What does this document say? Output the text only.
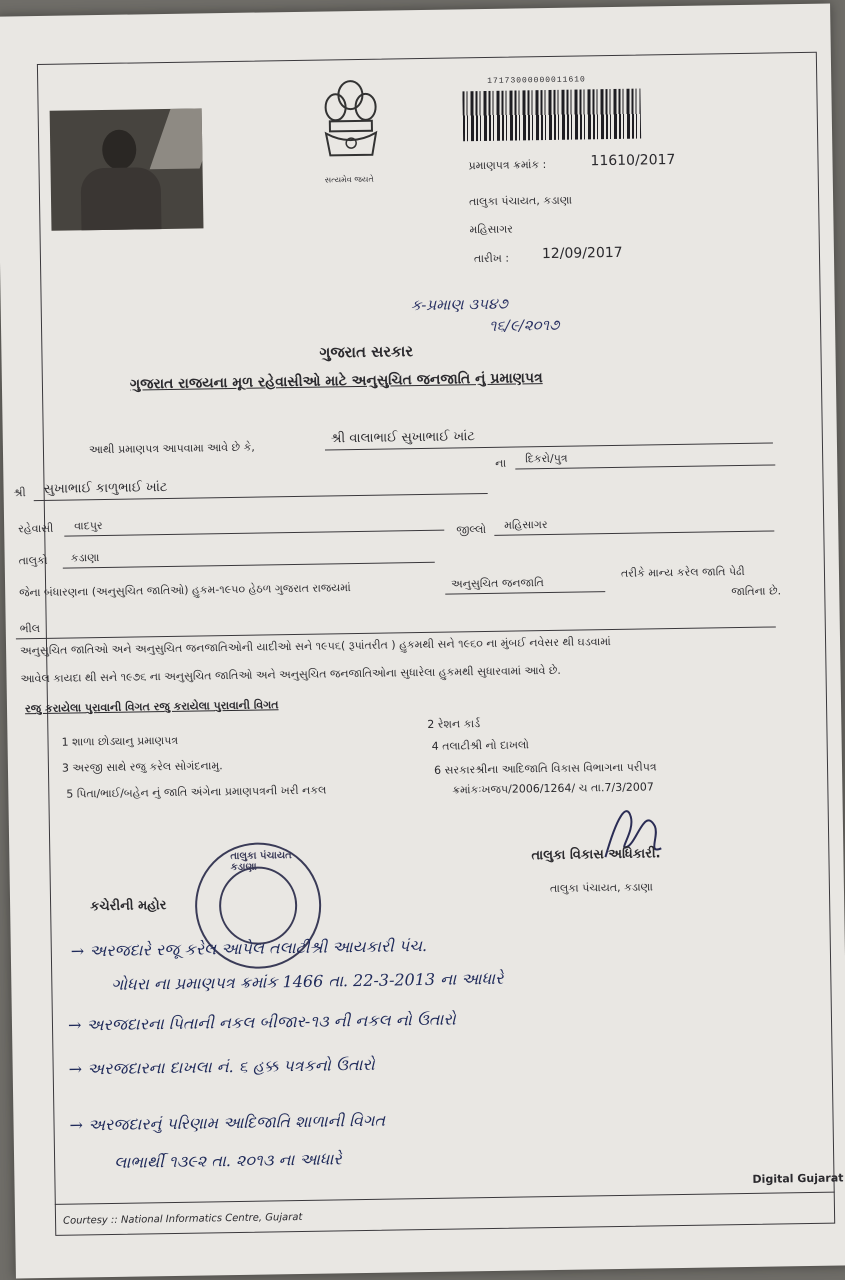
સત્યમેવ જયતે
17173000000011610
પ્રમાણપત્ર ક્રમાંક :	11610/2017
તાલુકા પંચાયત, કડાણા
મહિસાગર
તારીખ : 12/09/2017
ક-પ્રમાણ ૩૫૪૭
૧૬/૯/૨૦૧૭
ગુજરાત સરકાર
ગુજરાત રાજયના મૂળ રહેવાસીઓ માટે અનુસુચિત જનજાતિ નું પ્રમાણપત્ર
આથી પ્રમાણપત્ર આપવામા આવે છે કે,
શ્રી વાલાભાઈ સુખાભાઈ ખાંટ
ના દિકરો/પુત્ર
શ્રી સુખાભાઈ કાળુભાઈ ખાંટ
રહેવાસી વાદપુર	જીલ્લો મહિસાગર
તાલુકો કડાણા
જેના બંધારણના (અનુસુચિત જાતિઓ) હુકમ-૧૯૫૦ હેઠળ ગુજરાત રાજયમાં	અનુસુચિત જનજાતિ
તરીકે માન્ય કરેલ જાતિ પેઢી
જાતિના છે.
ભીલ
અનુસુચિત જાતિઓ અને અનુસુચિત જનજાતિઓની યાદીઓ સને ૧૯૫૬( રૂપાંતરીત ) હુકમથી સને ૧૯૬૦ ના મુંબઈ નવેસર થી ઘડવામાં
આવેલ કાયદા થી સને ૧૯૭૬ ના અનુસુચિત જાતિઓ અને અનુસુચિત જનજાતિઓના સુધારેલા હુકમથી સુધારવામાં આવે છે.
રજુ કરાયેલા પુરાવાની વિગત રજુ કરાયેલા પુરાવાની વિગત
1 શાળા છોડ્યાનુ પ્રમાણપત્ર
2 રેશન કાર્ડ
3 અરજી સાથે રજુ કરેલ સોગંદનામુ.
4 તલાટીશ્રી નો દાખલો
5 પિતા/ભાઈ/બહેન નું જાતિ અંગેના પ્રમાણપત્રની ખરી નકલ
6 સરકારશ્રીના આદિજાતિ વિકાસ વિભાગના પરીપત્ર
ક્રમાંકઃખજપ/2006/1264/ ચ તા.7/3/2007
તાલુકા વિકાસ અધિકારી.
તાલુકા પંચાયત, કડાણા
તાલુકા પંચાયત કડાણા
કચેરીની મહોર
→ અરજદારે રજૂ કરેલ આપેલ તલાટીશ્રી આયકારી પંચ.
ગોધરા ના પ્રમાણપત્ર ક્રમાંક 1466 તા. 22-3-2013 ના આધારે
→ અરજદારના પિતાની નકલ બીજાર-૧૩ ની નકલ નો ઉતારો
→ અરજદારના દાખલા નં. ૬ હક્ક પત્રકનો ઉતારો
→ અરજદારનું પરિણામ આદિજાતિ શાળાની વિગત
લાભાર્થી ૧૩૯૨ તા. ૨૦૧૩ ના આધારે
Digital Gujarat
Courtesy :: National Informatics Centre, Gujarat
